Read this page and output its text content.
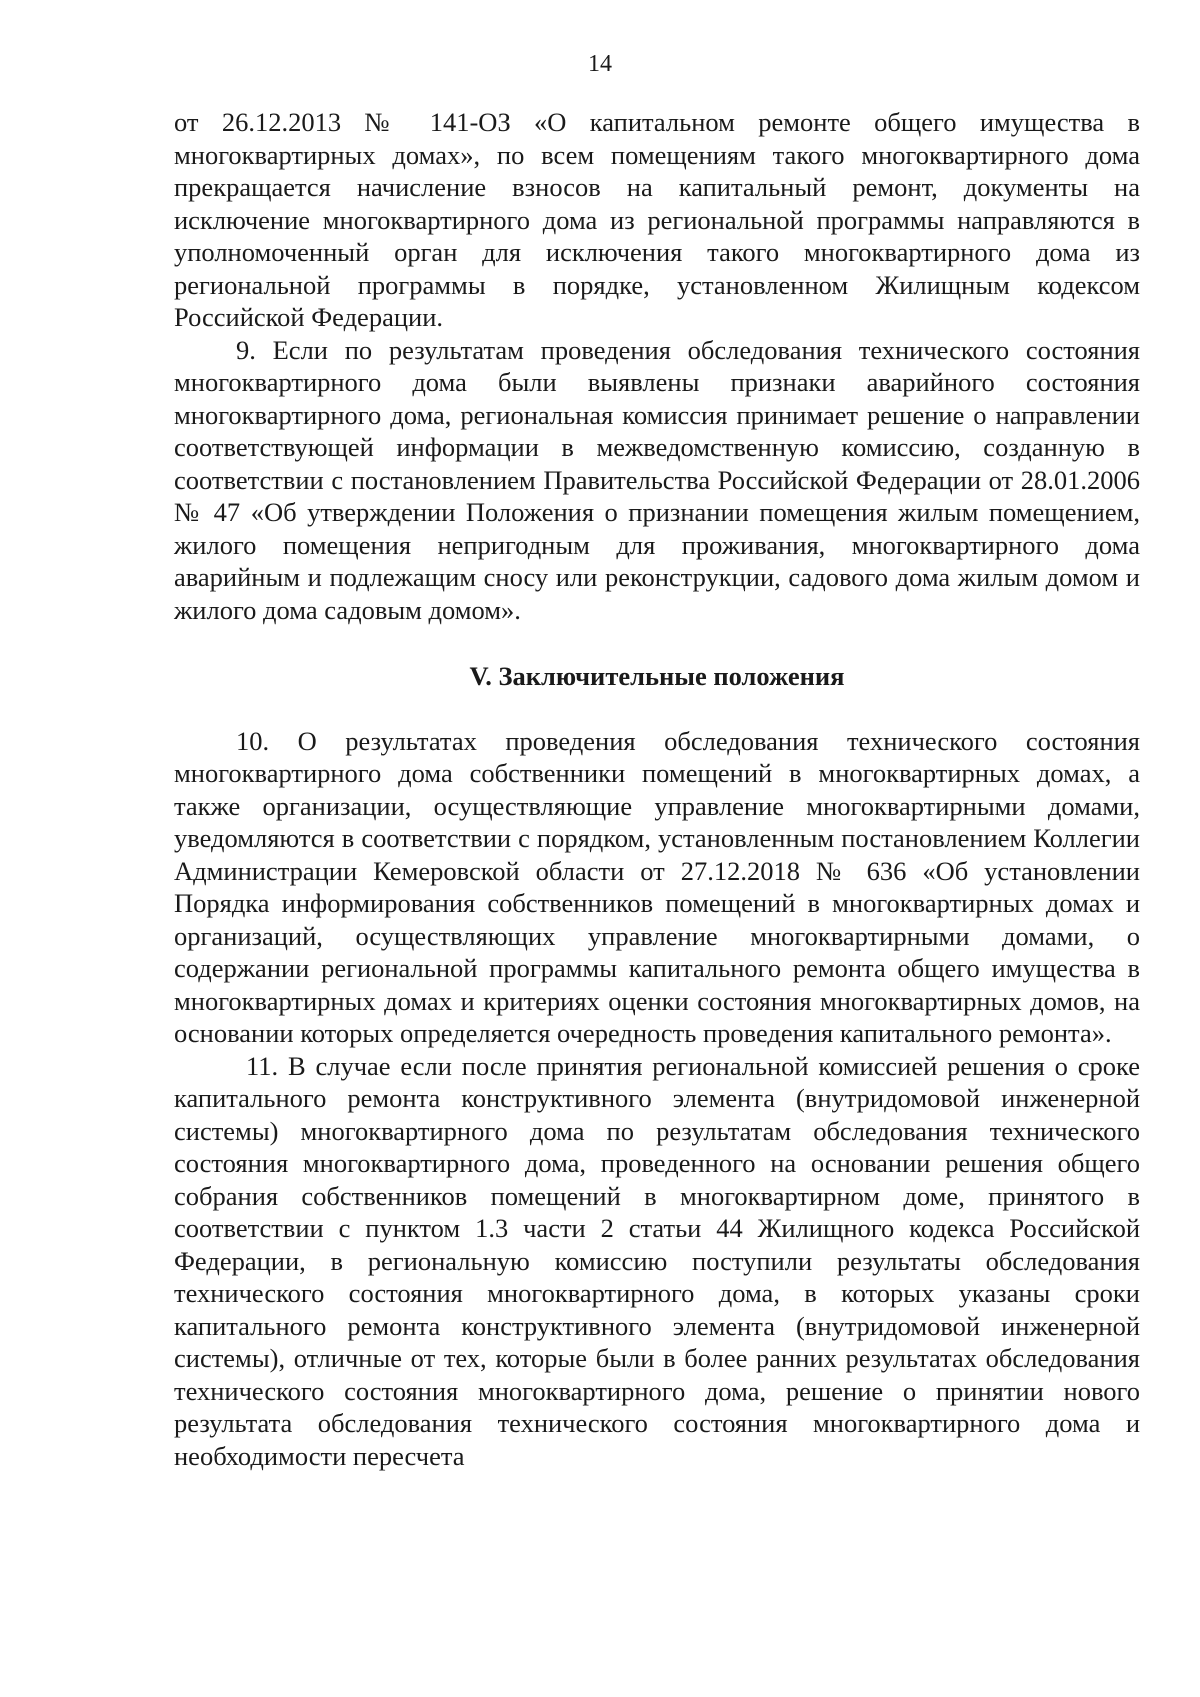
14

от 26.12.2013 № 141-ОЗ «О капитальном ремонте общего имущества в многоквартирных домах», по всем помещениям такого многоквартирного дома прекращается начисление взносов на капитальный ремонт, документы на исключение многоквартирного дома из региональной программы направляются в уполномоченный орган для исключения такого многоквартирного дома из региональной программы в порядке, установленном Жилищным кодексом Российской Федерации.

9. Если по результатам проведения обследования технического состояния многоквартирного дома были выявлены признаки аварийного состояния многоквартирного дома, региональная комиссия принимает решение о направлении соответствующей информации в межведомственную комиссию, созданную в соответствии с постановлением Правительства Российской Федерации от 28.01.2006 № 47 «Об утверждении Положения о признании помещения жилым помещением, жилого помещения непригодным для проживания, многоквартирного дома аварийным и подлежащим сносу или реконструкции, садового дома жилым домом и жилого дома садовым домом».

V. Заключительные положения

10. О результатах проведения обследования технического состояния многоквартирного дома собственники помещений в многоквартирных домах, а также организации, осуществляющие управление многоквартирными домами, уведомляются в соответствии с порядком, установленным постановлением Коллегии Администрации Кемеровской области от 27.12.2018 № 636 «Об установлении Порядка информирования собственников помещений в многоквартирных домах и организаций, осуществляющих управление многоквартирными домами, о содержании региональной программы капитального ремонта общего имущества в многоквартирных домах и критериях оценки состояния многоквартирных домов, на основании которых определяется очередность проведения капитального ремонта».

11. В случае если после принятия региональной комиссией решения о сроке капитального ремонта конструктивного элемента (внутридомовой инженерной системы) многоквартирного дома по результатам обследования технического состояния многоквартирного дома, проведенного на основании решения общего собрания собственников помещений в многоквартирном доме, принятого в соответствии с пунктом 1.3 части 2 статьи 44 Жилищного кодекса Российской Федерации, в региональную комиссию поступили результаты обследования технического состояния многоквартирного дома, в которых указаны сроки капитального ремонта конструктивного элемента (внутридомовой инженерной системы), отличные от тех, которые были в более ранних результатах обследования технического состояния многоквартирного дома, решение о принятии нового результата обследования технического состояния многоквартирного дома и необходимости пересчета
